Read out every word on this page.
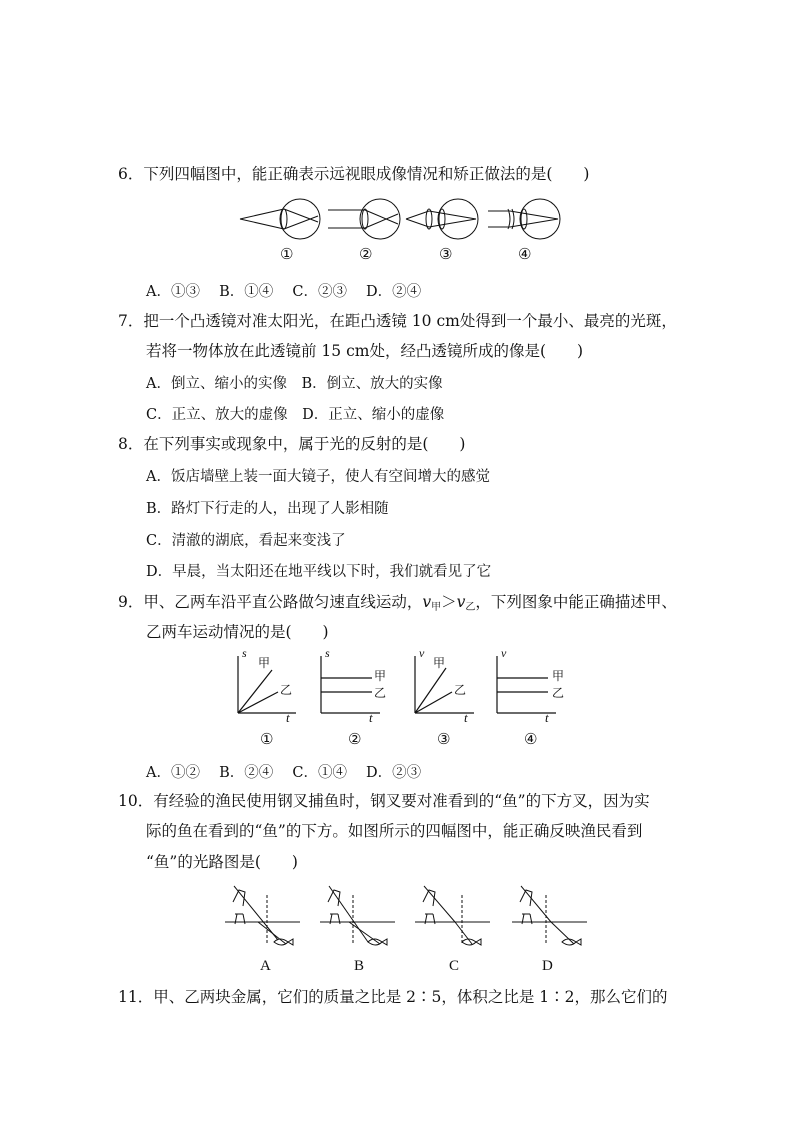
6．下列四幅图中，能正确表示远视眼成像情况和矫正做法的是(　　)
①	②	③	④
A．①③　 B．①④　 C．②③　 D．②④
7．把一个凸透镜对准太阳光，在距凸透镜 10 cm处得到一个最小、最亮的光斑，
若将一物体放在此透镜前 15 cm处，经凸透镜所成的像是(　　)
A．倒立、缩小的实像　B．倒立、放大的实像
C．正立、放大的虚像　D．正立、缩小的虚像
8．在下列事实或现象中，属于光的反射的是(　　)
A．饭店墙壁上装一面大镜子，使人有空间增大的感觉
B．路灯下行走的人，出现了人影相随
C．清澈的湖底，看起来变浅了
D．早晨，当太阳还在地平线以下时，我们就看见了它
9．甲、乙两车沿平直公路做匀速直线运动，v甲＞v乙，下列图象中能正确描述甲、
乙两车运动情况的是(　　)
s
t
甲
乙
①
s
t
甲
乙
②
v
t
甲
乙
③
v
t
甲
乙
④
A．①②　 B．②④　 C．①④　 D．②③
10．有经验的渔民使用钢叉捕鱼时，钢叉要对准看到的“鱼”的下方叉，因为实
际的鱼在看到的“鱼”的下方。如图所示的四幅图中，能正确反映渔民看到
“鱼”的光路图是(　　)
A	B	C	D
11．甲、乙两块金属，它们的质量之比是 2∶5，体积之比是 1∶2，那么它们的
